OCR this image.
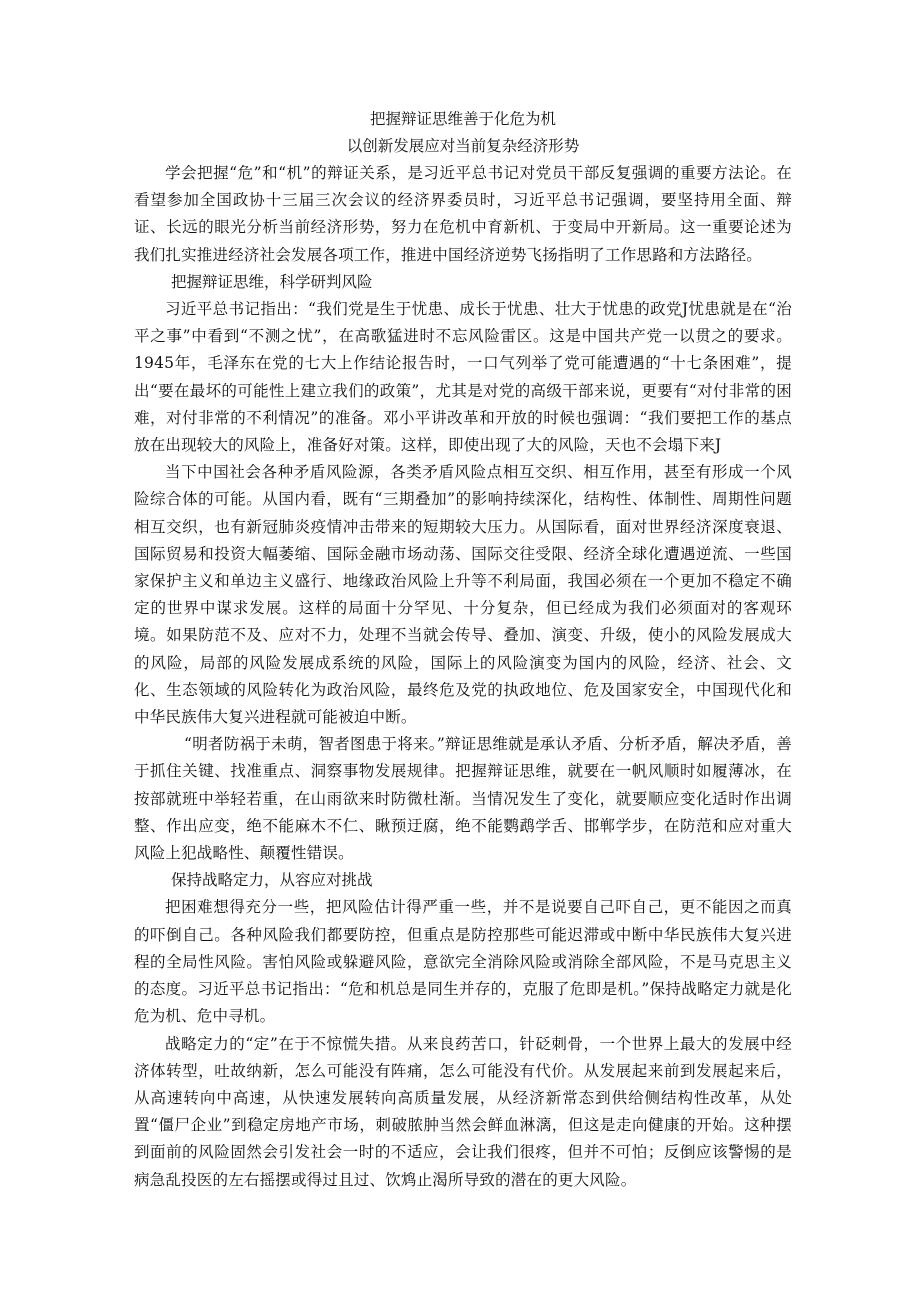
把握辩证思维善于化危为机
以创新发展应对当前复杂经济形势

学会把握“危”和“机”的辩证关系，是习近平总书记对党员干部反复强调的重要方法论。在看望参加全国政协十三届三次会议的经济界委员时，习近平总书记强调，要坚持用全面、辩证、长远的眼光分析当前经济形势，努力在危机中育新机、于变局中开新局。这一重要论述为我们扎实推进经济社会发展各项工作，推进中国经济逆势飞扬指明了工作思路和方法路径。

把握辩证思维，科学研判风险

习近平总书记指出：“我们党是生于忧患、成长于忧患、壮大于忧患的政党J忧患就是在“治平之事”中看到“不测之忧”，在高歌猛进时不忘风险雷区。这是中国共产党一以贯之的要求。1945年，毛泽东在党的七大上作结论报告时，一口气列举了党可能遭遇的“十七条困难”，提出“要在最坏的可能性上建立我们的政策”，尤其是对党的高级干部来说，更要有“对付非常的困难，对付非常的不利情况”的准备。邓小平讲改革和开放的时候也强调：“我们要把工作的基点放在出现较大的风险上，准备好对策。这样，即使出现了大的风险，天也不会塌下来J

当下中国社会各种矛盾风险源，各类矛盾风险点相互交织、相互作用，甚至有形成一个风险综合体的可能。从国内看，既有“三期叠加”的影响持续深化，结构性、体制性、周期性问题相互交织，也有新冠肺炎疫情冲击带来的短期较大压力。从国际看，面对世界经济深度衰退、国际贸易和投资大幅萎缩、国际金融市场动荡、国际交往受限、经济全球化遭遇逆流、一些国家保护主义和单边主义盛行、地缘政治风险上升等不利局面，我国必须在一个更加不稳定不确定的世界中谋求发展。这样的局面十分罕见、十分复杂，但已经成为我们必须面对的客观环境。如果防范不及、应对不力，处理不当就会传导、叠加、演变、升级，使小的风险发展成大的风险，局部的风险发展成系统的风险，国际上的风险演变为国内的风险，经济、社会、文化、生态领域的风险转化为政治风险，最终危及党的执政地位、危及国家安全，中国现代化和中华民族伟大复兴进程就可能被迫中断。

“明者防祸于未萌，智者图患于将来。”辩证思维就是承认矛盾、分析矛盾，解决矛盾，善于抓住关键、找准重点、洞察事物发展规律。把握辩证思维，就要在一帆风顺时如履薄冰，在按部就班中举轻若重，在山雨欲来时防微杜渐。当情况发生了变化，就要顺应变化适时作出调整、作出应变，绝不能麻木不仁、瞅预迂腐，绝不能鹦鹉学舌、邯郸学步，在防范和应对重大风险上犯战略性、颠覆性错误。

保持战略定力，从容应对挑战

把困难想得充分一些，把风险估计得严重一些，并不是说要自己吓自己，更不能因之而真的吓倒自己。各种风险我们都要防控，但重点是防控那些可能迟滞或中断中华民族伟大复兴进程的全局性风险。害怕风险或躲避风险，意欲完全消除风险或消除全部风险，不是马克思主义的态度。习近平总书记指出：“危和机总是同生并存的，克服了危即是机。”保持战略定力就是化危为机、危中寻机。

战略定力的“定”在于不惊慌失措。从来良药苦口，针砭刺骨，一个世界上最大的发展中经济体转型，吐故纳新，怎么可能没有阵痛，怎么可能没有代价。从发展起来前到发展起来后，从高速转向中高速，从快速发展转向高质量发展，从经济新常态到供给侧结构性改革，从处置“僵尸企业”到稳定房地产市场，刺破脓肿当然会鲜血淋漓，但这是走向健康的开始。这种摆到面前的风险固然会引发社会一时的不适应，会让我们很疼，但并不可怕；反倒应该警惕的是病急乱投医的左右摇摆或得过且过、饮鸩止渴所导致的潜在的更大风险。
